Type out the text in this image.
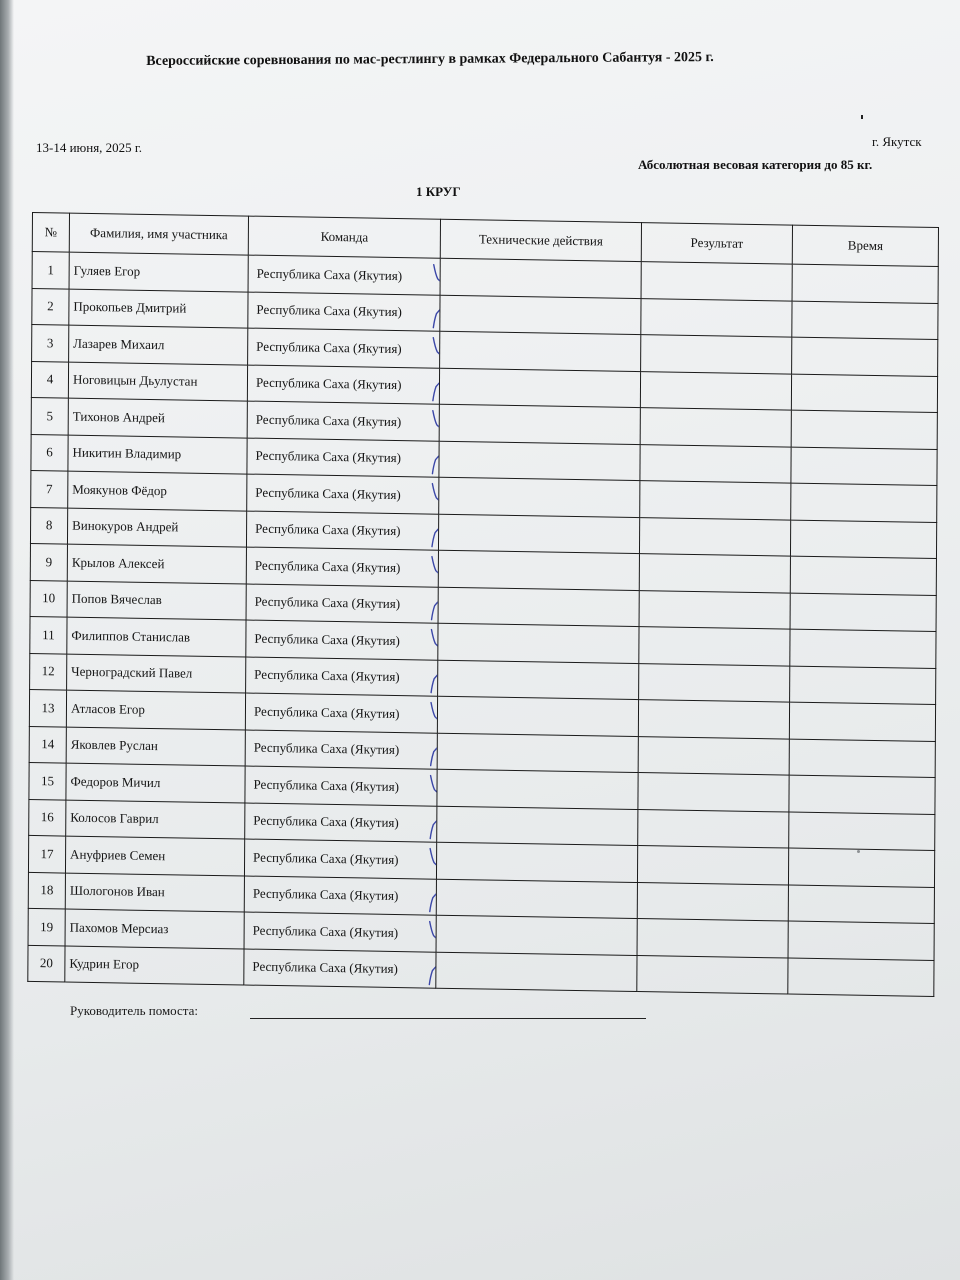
Всероссийские соревнования по мас-рестлингу в рамках Федерального Сабантуя - 2025 г.
13-14 июня, 2025 г.	г. Якутск
Абсолютная весовая категория до 85 кг.
1 КРУГ
№	Фамилия, имя участника	Команда	Технические действия	Результат	Время
1	Гуляев Егор	Республика Саха (Якутия)

2	Прокопьев Дмитрий	Республика Саха (Якутия)

3	Лазарев Михаил	Республика Саха (Якутия)

4	Ноговицын Дьулустан	Республика Саха (Якутия)

5	Тихонов Андрей	Республика Саха (Якутия)

6	Никитин Владимир	Республика Саха (Якутия)

7	Моякунов Фёдор	Республика Саха (Якутия)

8	Винокуров Андрей	Республика Саха (Якутия)

9	Крылов Алексей	Республика Саха (Якутия)

10	Попов Вячеслав	Республика Саха (Якутия)

11	Филиппов Станислав	Республика Саха (Якутия)

12	Черноградский Павел	Республика Саха (Якутия)

13	Атласов Егор	Республика Саха (Якутия)

14	Яковлев Руслан	Республика Саха (Якутия)

15	Федоров Мичил	Республика Саха (Якутия)

16	Колосов Гаврил	Республика Саха (Якутия)

17	Ануфриев Семен	Республика Саха (Якутия)

18	Шологонов Иван	Республика Саха (Якутия)

19	Пахомов Мерсиаз	Республика Саха (Якутия)

20	Кудрин Егор	Республика Саха (Якутия)

Руководитель помоста:
